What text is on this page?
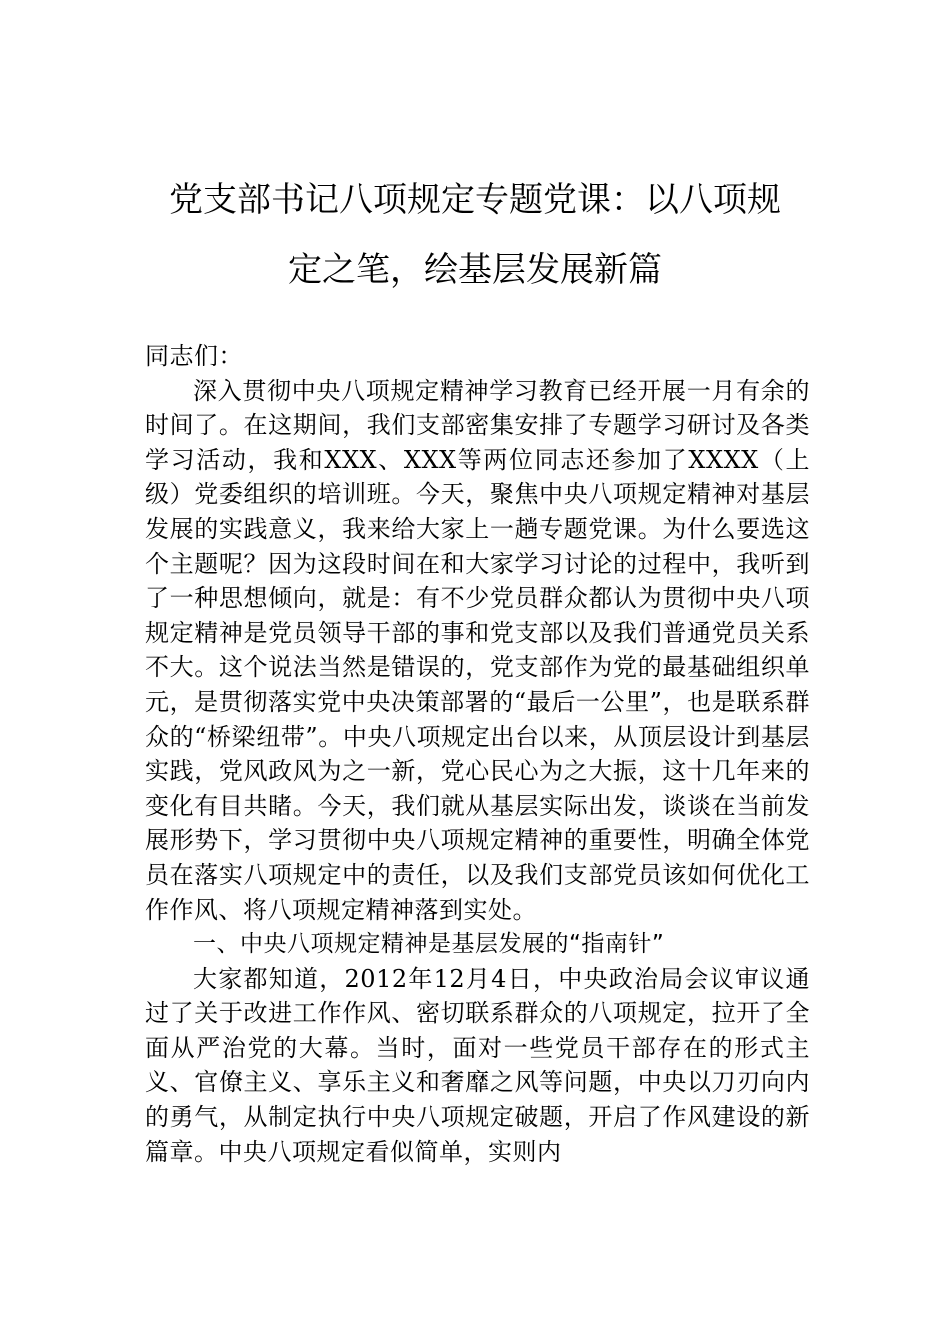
党支部书记八项规定专题党课：以八项规
定之笔，绘基层发展新篇

同志们：

深入贯彻中央八项规定精神学习教育已经开展一月有余的时间了。在这期间，我们支部密集安排了专题学习研讨及各类学习活动，我和XXX、XXX等两位同志还参加了XXXX（上级）党委组织的培训班。今天，聚焦中央八项规定精神对基层发展的实践意义，我来给大家上一趟专题党课。为什么要选这个主题呢？因为这段时间在和大家学习讨论的过程中，我听到了一种思想倾向，就是：有不少党员群众都认为贯彻中央八项规定精神是党员领导干部的事和党支部以及我们普通党员关系不大。这个说法当然是错误的，党支部作为党的最基础组织单元，是贯彻落实党中央决策部署的“最后一公里”，也是联系群众的“桥梁纽带”。中央八项规定出台以来，从顶层设计到基层实践，党风政风为之一新，党心民心为之大振，这十几年来的变化有目共睹。今天，我们就从基层实际出发，谈谈在当前发展形势下，学习贯彻中央八项规定精神的重要性，明确全体党员在落实八项规定中的责任，以及我们支部党员该如何优化工作作风、将八项规定精神落到实处。

一、中央八项规定精神是基层发展的“指南针”

大家都知道，2012年12月4日，中央政治局会议审议通过了关于改进工作作风、密切联系群众的八项规定，拉开了全面从严治党的大幕。当时，面对一些党员干部存在的形式主义、官僚主义、享乐主义和奢靡之风等问题，中央以刀刃向内的勇气，从制定执行中央八项规定破题，开启了作风建设的新篇章。中央八项规定看似简单，实则内
